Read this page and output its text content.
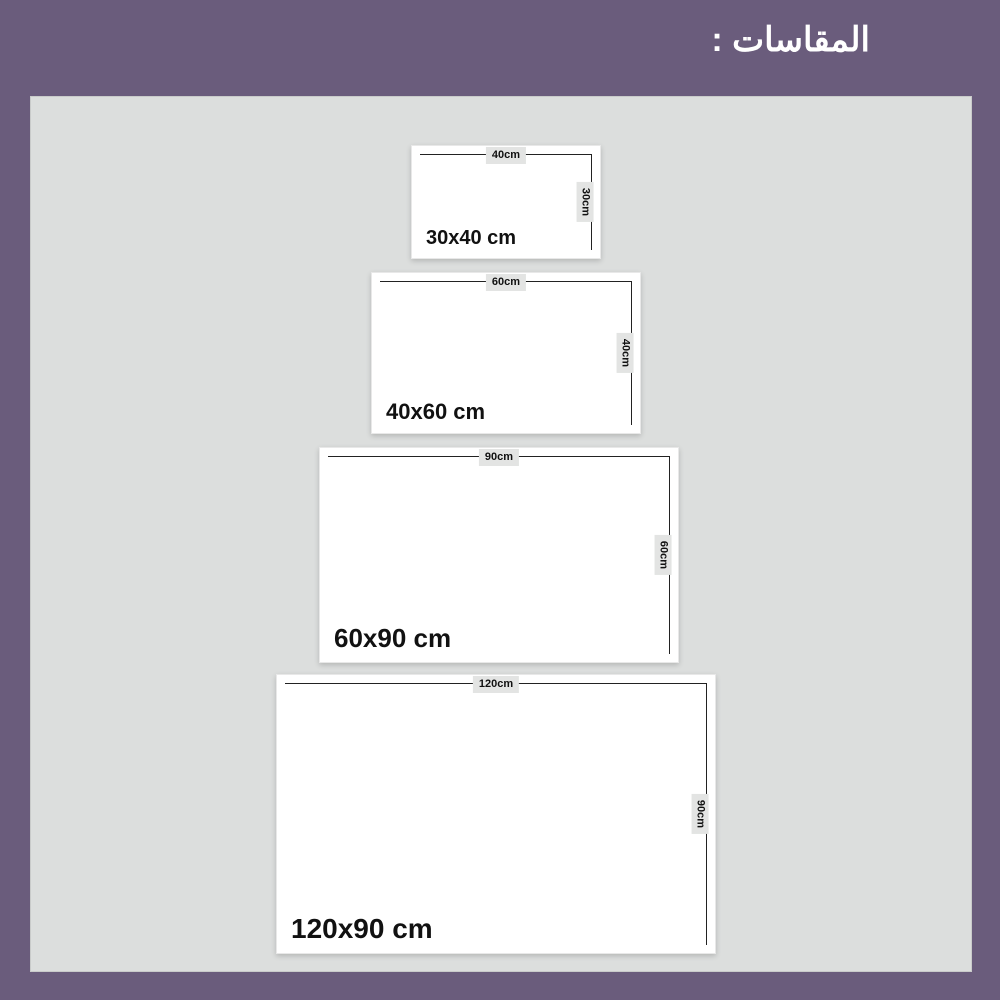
المقاسات :
40cm
30cm
30x40 cm
60cm
40cm
40x60 cm
90cm
60cm
60x90 cm
120cm
90cm
120x90 cm
